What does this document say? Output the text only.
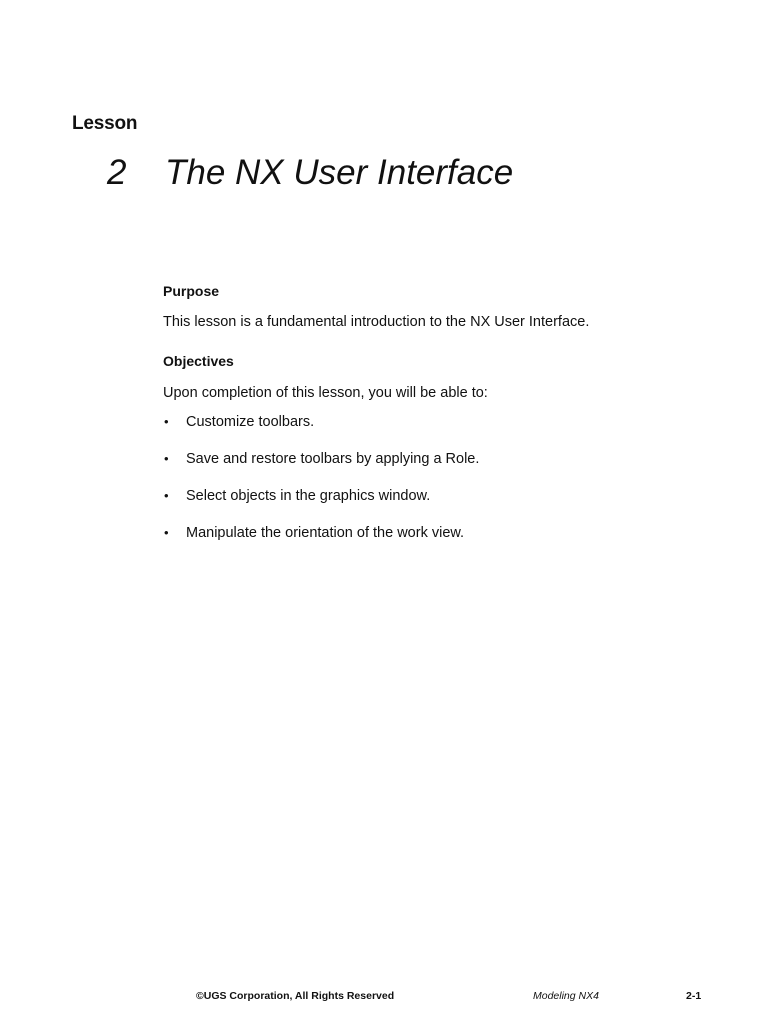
Lesson
2 The NX User Interface
Purpose

This lesson is a fundamental introduction to the NX User Interface.

Objectives

Upon completion of this lesson, you will be able to:

• Customize toolbars.
• Save and restore toolbars by applying a Role.
• Select objects in the graphics window.
• Manipulate the orientation of the work view.
©UGS Corporation, All Rights Reserved	Modeling NX4	2-1
